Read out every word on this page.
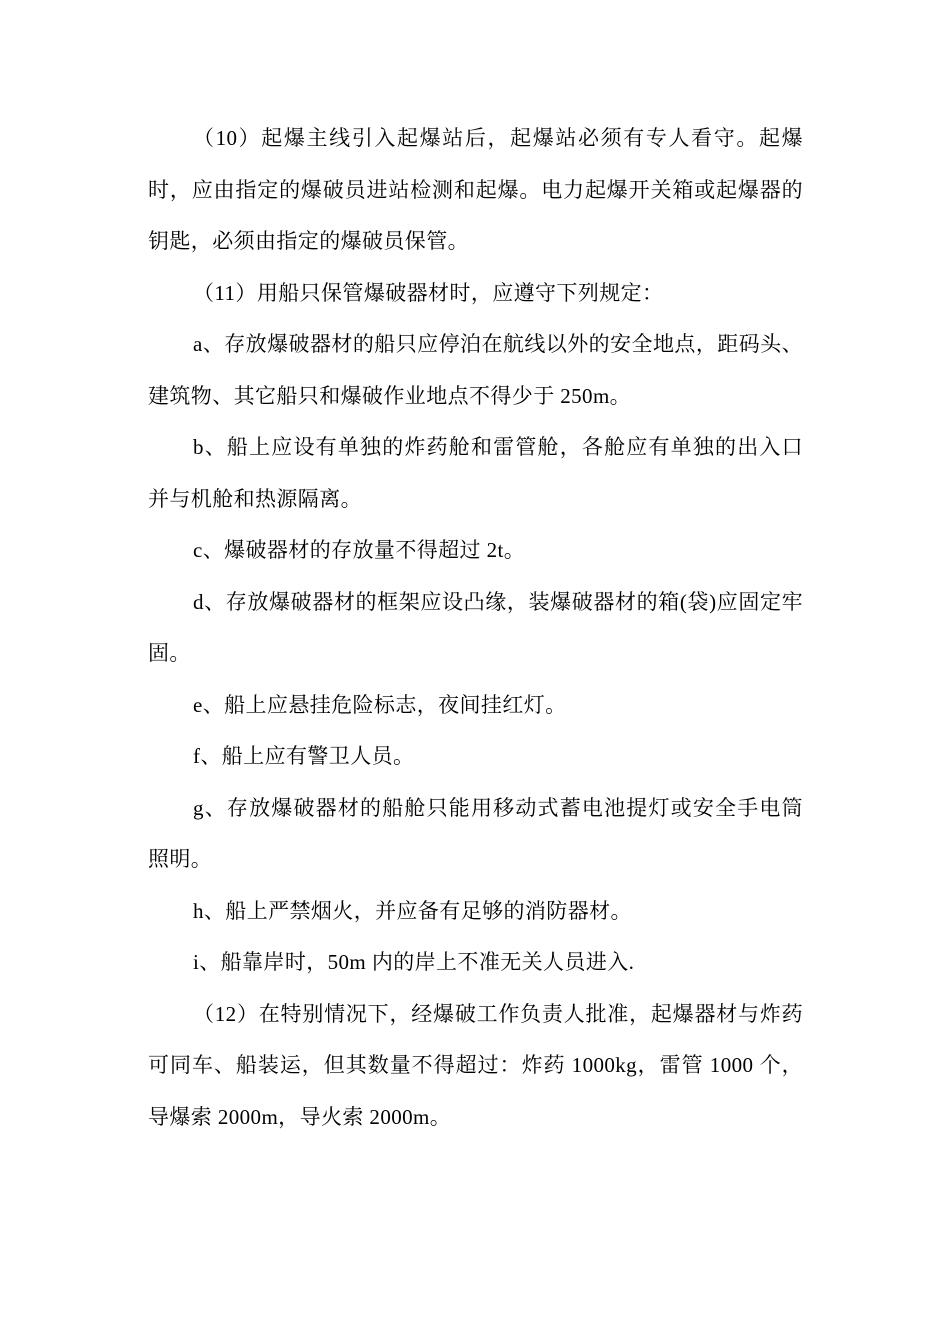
（10）起爆主线引入起爆站后，起爆站必须有专人看守。起爆时，应由指定的爆破员进站检测和起爆。电力起爆开关箱或起爆器的钥匙，必须由指定的爆破员保管。

（11）用船只保管爆破器材时，应遵守下列规定：

a、存放爆破器材的船只应停泊在航线以外的安全地点，距码头、建筑物、其它船只和爆破作业地点不得少于 250m。

b、船上应设有单独的炸药舱和雷管舱，各舱应有单独的出入口并与机舱和热源隔离。

c、爆破器材的存放量不得超过 2t。

d、存放爆破器材的框架应设凸缘，装爆破器材的箱(袋)应固定牢固。

e、船上应悬挂危险标志，夜间挂红灯。

f、船上应有警卫人员。

g、存放爆破器材的船舱只能用移动式蓄电池提灯或安全手电筒照明。

h、船上严禁烟火，并应备有足够的消防器材。

i、船靠岸时，50m 内的岸上不准无关人员进入.

（12）在特别情况下，经爆破工作负责人批准，起爆器材与炸药可同车、船装运，但其数量不得超过：炸药 1000kg，雷管 1000 个，导爆索 2000m，导火索 2000m。
